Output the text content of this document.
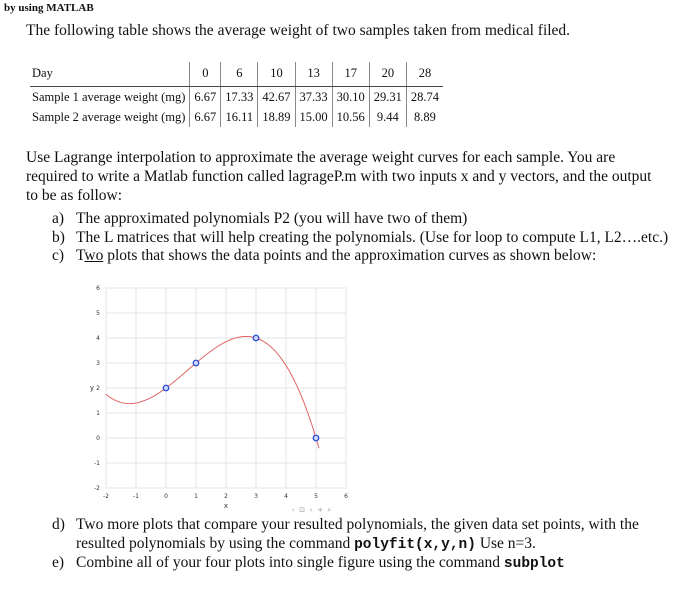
by using MATLAB
The following table shows the average weight of two samples taken from medical filed.
Day	0	6	10	13	17	20	28
Sample 1 average weight (mg)	6.67	17.33	42.67	37.33	30.10	29.31	28.74
Sample 2 average weight (mg)	6.67	16.11	18.89	15.00	10.56	9.44	8.89
Use Lagrange interpolation to approximate the average weight curves for each sample. You are required to write a Matlab function called lagrageP.m with two inputs x and y vectors, and the output to be as follow:
a) The approximated polynomials P2 (you will have two of them)
b) The L matrices that will help creating the polynomials. (Use for loop to compute L1, L2….etc.)
c) Two plots that shows the data points and the approximation curves as shown below:
-2	-1	0	1	2	3	4	5	6
-2
-1
0
1
2
3
4
5
6
x
y
‹ ⊡ › + ⌕
d) Two more plots that compare your resulted polynomials, the given data set points, with the resulted polynomials by using the command polyfit(x,y,n) Use n=3.
e) Combine all of your four plots into single figure using the command subplot
